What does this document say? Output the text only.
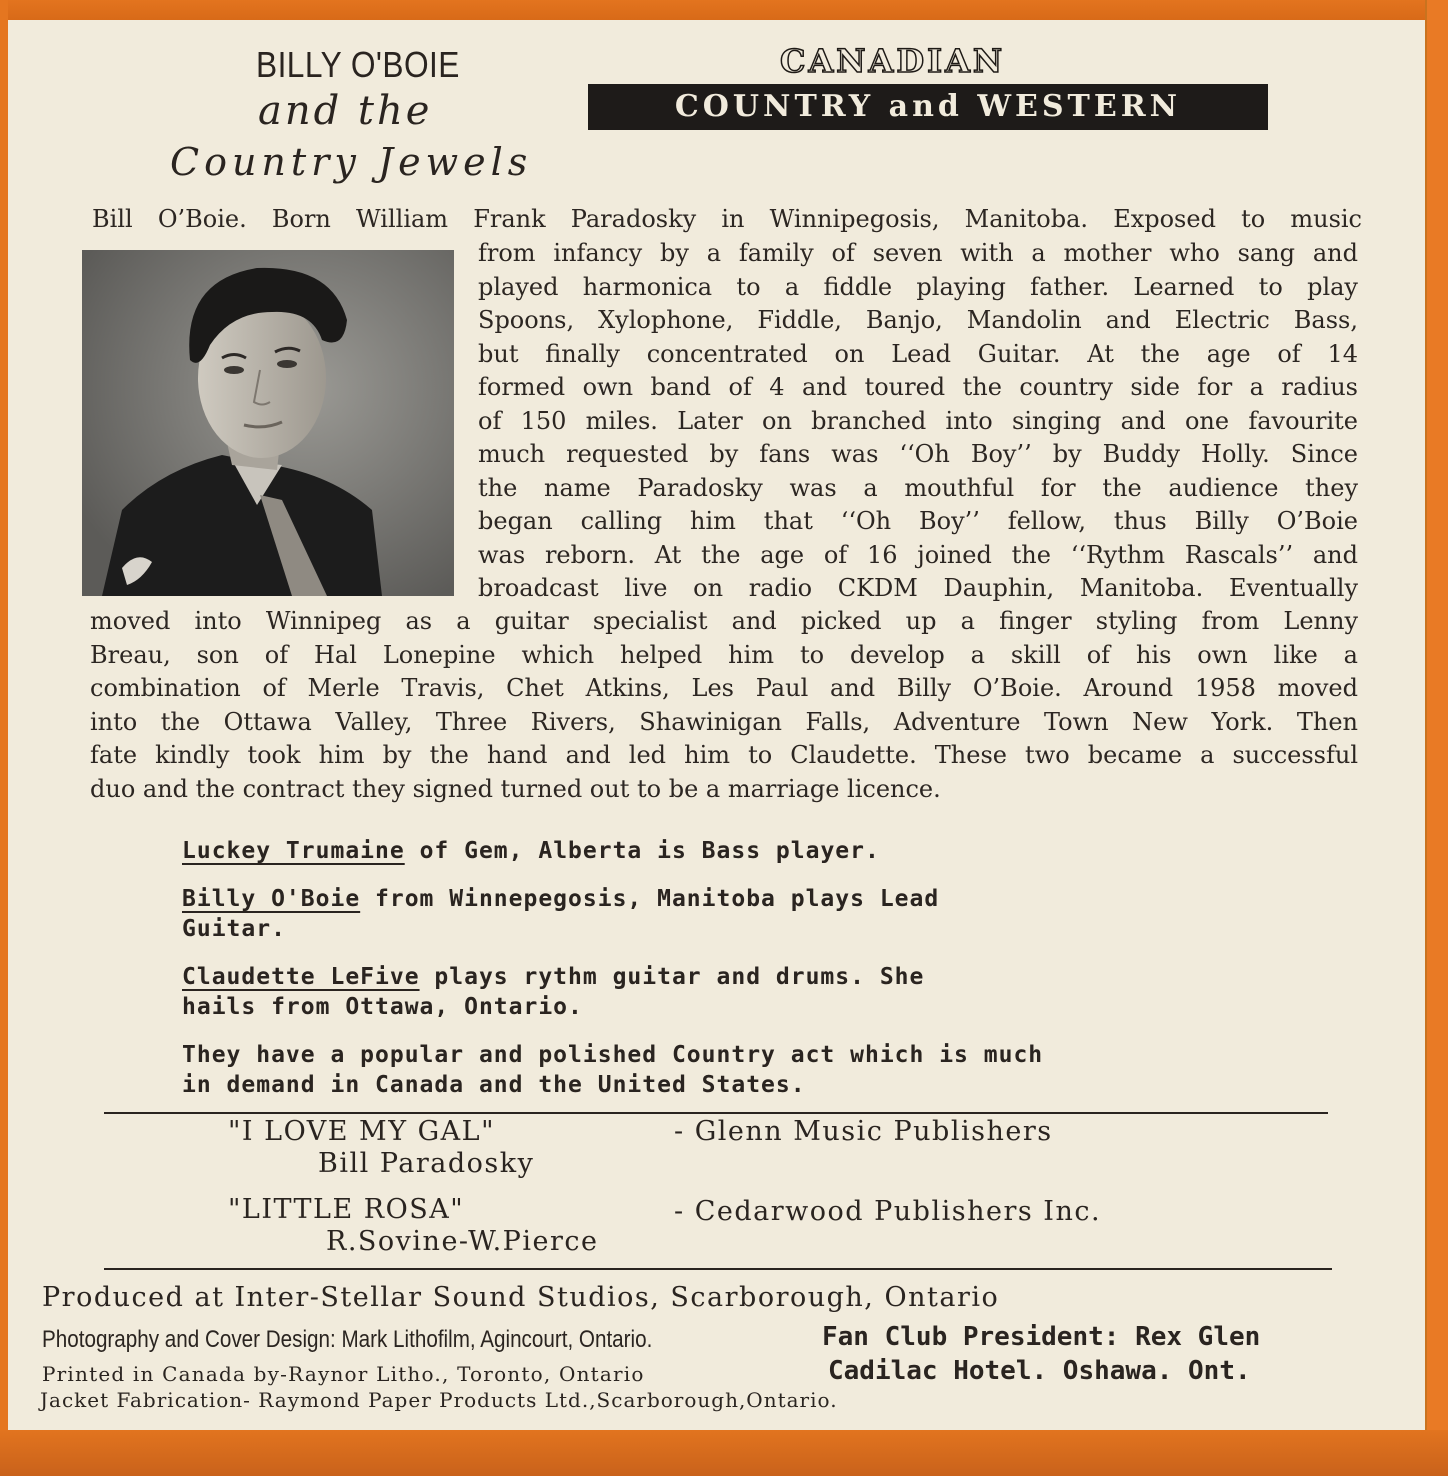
BILLY O'BOIE
and the
Country Jewels
CANADIAN
COUNTRY and WESTERN

Bill O’Boie. Born William Frank Paradosky in Winnipegosis, Manitoba. Exposed to music

from infancy by a family of seven with a mother who sang and
played harmonica to a fiddle playing father. Learned to play
Spoons, Xylophone, Fiddle, Banjo, Mandolin and Electric Bass,
but finally concentrated on Lead Guitar. At the age of 14
formed own band of 4 and toured the country side for a radius
of 150 miles. Later on branched into singing and one favourite
much requested by fans was ‘‘Oh Boy’’ by Buddy Holly. Since
the name Paradosky was a mouthful for the audience they
began calling him that ‘‘Oh Boy’’ fellow, thus Billy O’Boie
was reborn. At the age of 16 joined the ‘‘Rythm Rascals’’ and
broadcast live on radio CKDM Dauphin, Manitoba. Eventually
moved into Winnipeg as a guitar specialist and picked up a finger styling from Lenny
Breau, son of Hal Lonepine which helped him to develop a skill of his own like a
combination of Merle Travis, Chet Atkins, Les Paul and Billy O’Boie. Around 1958 moved
into the Ottawa Valley, Three Rivers, Shawinigan Falls, Adventure Town New York. Then
fate kindly took him by the hand and led him to Claudette. These two became a successful
duo and the contract they signed turned out to be a marriage licence.
Luckey Trumaine of Gem, Alberta is Bass player.
Billy O'Boie from Winnepegosis, Manitoba plays Lead
Guitar.
Claudette LeFive plays rythm guitar and drums. She
hails from Ottawa, Ontario.
They have a popular and polished Country act which is much
in demand in Canada and the United States.
"I LOVE MY GAL"
Bill Paradosky
- Glenn Music Publishers
"LITTLE ROSA"
R.Sovine-W.Pierce
- Cedarwood Publishers Inc.
Produced at Inter-Stellar Sound Studios, Scarborough, Ontario
Photography and Cover Design: Mark Lithofilm, Agincourt, Ontario.	Fan Club President: Rex Glen
Printed in Canada by-Raynor Litho., Toronto, Ontario	Cadilac Hotel. Oshawa. Ont.
Jacket Fabrication- Raymond Paper Products Ltd.,Scarborough,Ontario.
